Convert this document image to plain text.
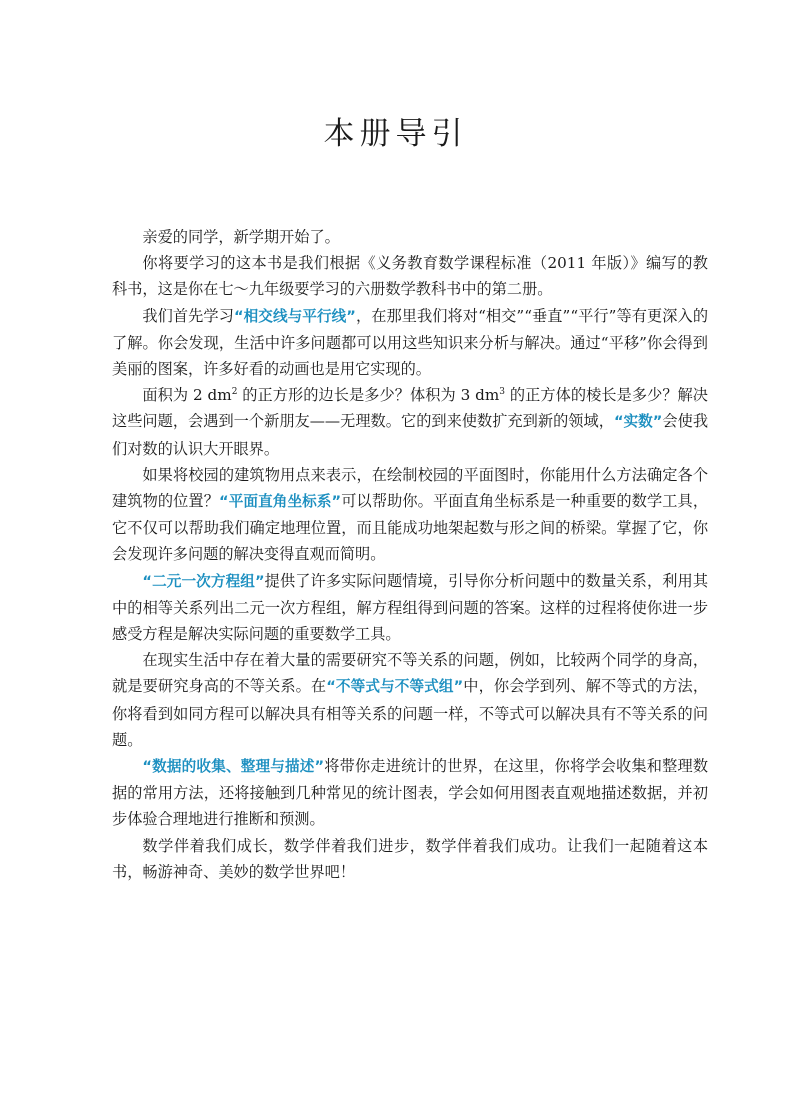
本册导引

亲爱的同学，新学期开始了。

你将要学习的这本书是我们根据《义务教育数学课程标准（2011 年版）》编写的教科书，这是你在七～九年级要学习的六册数学教科书中的第二册。

我们首先学习“相交线与平行线”，在那里我们将对“相交”“垂直”“平行”等有更深入的了解。你会发现，生活中许多问题都可以用这些知识来分析与解决。通过“平移”你会得到美丽的图案，许多好看的动画也是用它实现的。

面积为 2 $dm^2$ 的正方形的边长是多少？体积为 3 $dm^3$ 的正方体的棱长是多少？解决这些问题，会遇到一个新朋友——无理数。它的到来使数扩充到新的领域，“实数”会使我们对数的认识大开眼界。

如果将校园的建筑物用点来表示，在绘制校园的平面图时，你能用什么方法确定各个建筑物的位置？“平面直角坐标系”可以帮助你。平面直角坐标系是一种重要的数学工具，它不仅可以帮助我们确定地理位置，而且能成功地架起数与形之间的桥梁。掌握了它，你会发现许多问题的解决变得直观而简明。

“二元一次方程组”提供了许多实际问题情境，引导你分析问题中的数量关系，利用其中的相等关系列出二元一次方程组，解方程组得到问题的答案。这样的过程将使你进一步感受方程是解决实际问题的重要数学工具。

在现实生活中存在着大量的需要研究不等关系的问题，例如，比较两个同学的身高，就是要研究身高的不等关系。在“不等式与不等式组”中，你会学到列、解不等式的方法，你将看到如同方程可以解决具有相等关系的问题一样，不等式可以解决具有不等关系的问题。

“数据的收集、整理与描述”将带你走进统计的世界，在这里，你将学会收集和整理数据的常用方法，还将接触到几种常见的统计图表，学会如何用图表直观地描述数据，并初步体验合理地进行推断和预测。

数学伴着我们成长，数学伴着我们进步，数学伴着我们成功。让我们一起随着这本书，畅游神奇、美妙的数学世界吧！
